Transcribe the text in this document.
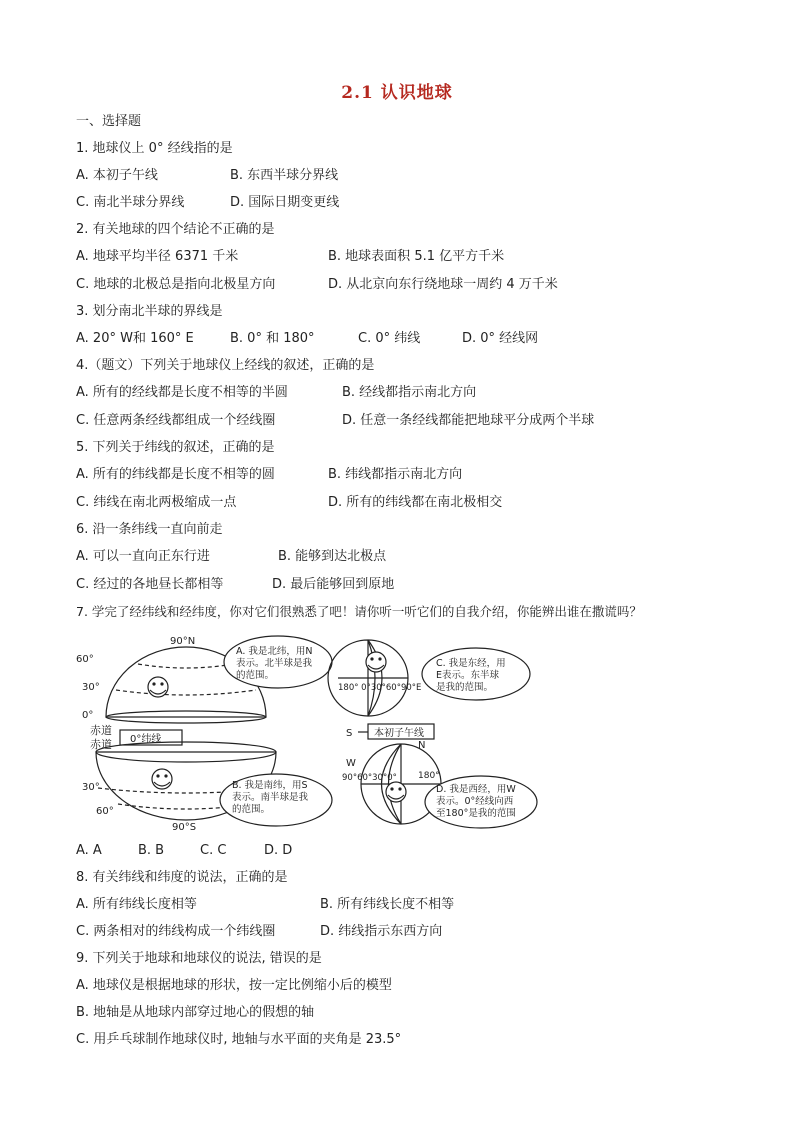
2.1 认识地球
一、选择题
1. 地球仪上 0° 经线指的是
A. 本初子午线	B. 东西半球分界线
C. 南北半球分界线	D. 国际日期变更线
2. 有关地球的四个结论不正确的是
A. 地球平均半径 6371 千米	B. 地球表面积 5.1 亿平方千米
C. 地球的北极总是指向北极星方向	D. 从北京向东行绕地球一周约 4 万千米
3. 划分南北半球的界线是
A. 20° W和 160° E	B. 0° 和 180°	C. 0° 纬线	D. 0° 经线网
4.（题文）下列关于地球仪上经线的叙述，正确的是
A. 所有的经线都是长度不相等的半圆	B. 经线都指示南北方向
C. 任意两条经线都组成一个经线圈	D. 任意一条经线都能把地球平分成两个半球
5. 下列关于纬线的叙述，正确的是
A. 所有的纬线都是长度不相等的圆	B. 纬线都指示南北方向
C. 纬线在南北两极缩成一点	D. 所有的纬线都在南北极相交
6. 沿一条纬线一直向前走
A. 可以一直向正东行进	B. 能够到达北极点
C. 经过的各地昼长都相等	D. 最后能够回到原地
7. 学完了经纬线和经纬度，你对它们很熟悉了吧！请你听一听它们的自我介绍，你能辨出谁在撒谎吗？
90°N
60°
30°
0°
赤道
赤道 0°纬线
A. 我是北纬，用N
表示。北半球是我
的范围。
30°
60°
90°S
B. 我是南纬，用S
表示。南半球是我
的范围。
180° 0°30°60°90°E
S 本初子午线
N
C. 我是东经，用
E表示。东半球
是我的范围。
W
90°60°30°0° 180°
D. 我是西经，用W
表示。0°经线向西
至180°是我的范围
A. A	B. B	C. C	D. D
8. 有关纬线和纬度的说法，正确的是
A. 所有纬线长度相等	B. 所有纬线长度不相等
C. 两条相对的纬线构成一个纬线圈	D. 纬线指示东西方向
9. 下列关于地球和地球仪的说法, 错误的是
A. 地球仪是根据地球的形状，按一定比例缩小后的模型
B. 地轴是从地球内部穿过地心的假想的轴
C. 用乒乓球制作地球仪时, 地轴与水平面的夹角是 23.5°
